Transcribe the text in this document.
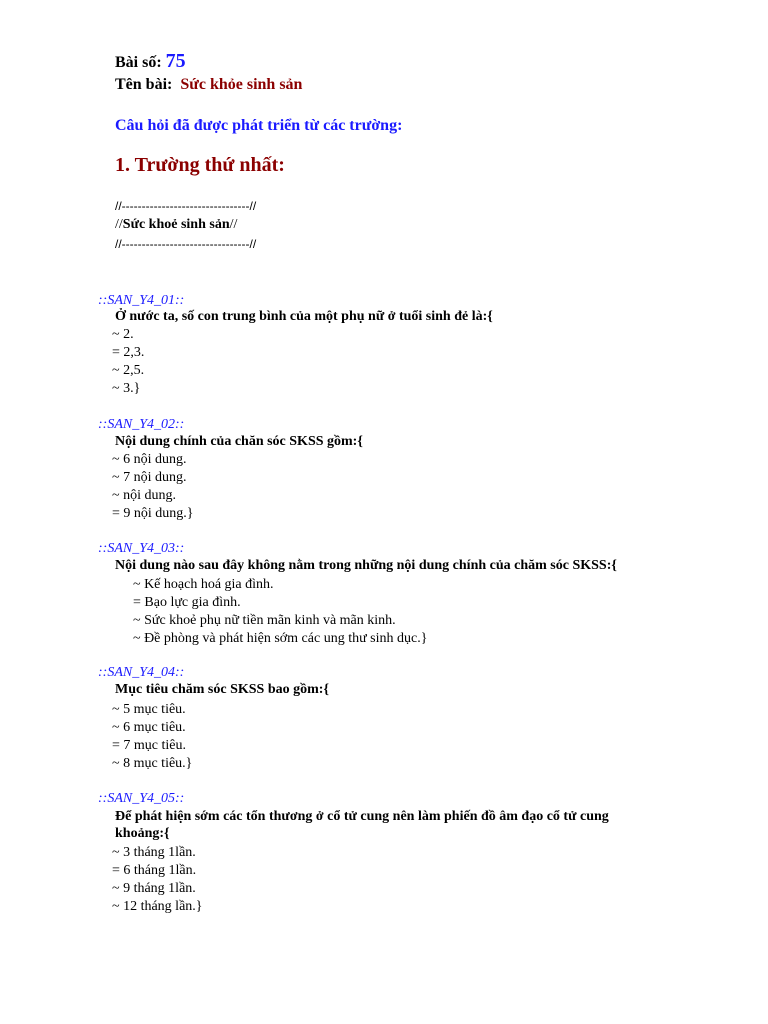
Bài số: 75
Tên bài: Sức khỏe sinh sản
Câu hỏi đã được phát triển từ các trường:
1. Trường thứ nhất:
//--------------------------------//
//Sức khoẻ sinh sản//
//--------------------------------//
::SAN_Y4_01::
Ở nước ta, số con trung bình của một phụ nữ ở tuổi sinh đẻ là:{
~ 2.
= 2,3.
~ 2,5.
~ 3.}
::SAN_Y4_02::
Nội dung chính của chăn sóc SKSS gồm:{
~ 6 nội dung.
~ 7 nội dung.
~ nội dung.
= 9 nội dung.}
::SAN_Y4_03::
Nội dung nào sau đây không nằm trong những nội dung chính của chăm sóc SKSS:{
~ Kế hoạch hoá gia đình.
= Bạo lực gia đình.
~ Sức khoẻ phụ nữ tiền mãn kinh và mãn kinh.
~ Đề phòng và phát hiện sớm các ung thư sinh dục.}
::SAN_Y4_04::
Mục tiêu chăm sóc SKSS bao gồm:{
~ 5 mục tiêu.
~ 6 mục tiêu.
= 7 mục tiêu.
~ 8 mục tiêu.}
::SAN_Y4_05::
Để phát hiện sớm các tổn thương ở cổ tử cung nên làm phiến đồ âm đạo cổ tử cung khoảng:{
~ 3 tháng 1lần.
= 6 tháng 1lần.
~ 9 tháng 1lần.
~ 12 tháng lần.}
